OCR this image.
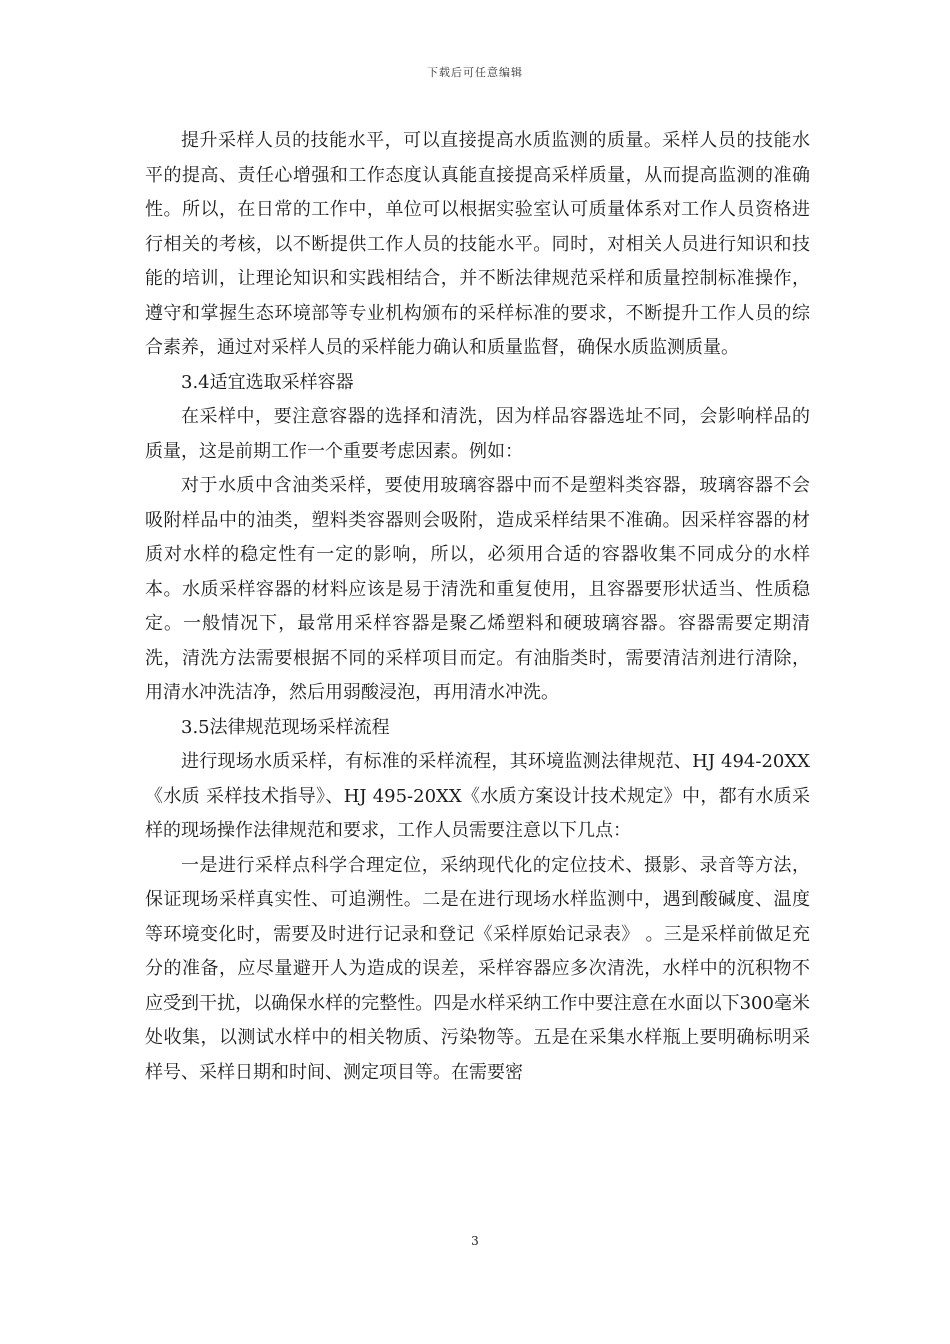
下载后可任意编辑

提升采样人员的技能水平，可以直接提高水质监测的质量。采样人员的技能水平的提高、责任心增强和工作态度认真能直接提高采样质量，从而提高监测的准确性。所以，在日常的工作中，单位可以根据实验室认可质量体系对工作人员资格进行相关的考核，以不断提供工作人员的技能水平。同时，对相关人员进行知识和技能的培训，让理论知识和实践相结合，并不断法律规范采样和质量控制标准操作，遵守和掌握生态环境部等专业机构颁布的采样标准的要求，不断提升工作人员的综合素养，通过对采样人员的采样能力确认和质量监督，确保水质监测质量。

3.4适宜选取采样容器

在采样中，要注意容器的选择和清洗，因为样品容器选址不同，会影响样品的质量，这是前期工作一个重要考虑因素。例如：

对于水质中含油类采样，要使用玻璃容器中而不是塑料类容器，玻璃容器不会吸附样品中的油类，塑料类容器则会吸附，造成采样结果不准确。因采样容器的材质对水样的稳定性有一定的影响，所以，必须用合适的容器收集不同成分的水样本。水质采样容器的材料应该是易于清洗和重复使用，且容器要形状适当、性质稳定。一般情况下，最常用采样容器是聚乙烯塑料和硬玻璃容器。容器需要定期清洗，清洗方法需要根据不同的采样项目而定。有油脂类时，需要清洁剂进行清除，用清水冲洗洁净，然后用弱酸浸泡，再用清水冲洗。

3.5法律规范现场采样流程

进行现场水质采样，有标准的采样流程，其环境监测法律规范、HJ 494-20XX《水质 采样技术指导》、HJ 495-20XX《水质方案设计技术规定》中，都有水质采样的现场操作法律规范和要求，工作人员需要注意以下几点：

一是进行采样点科学合理定位，采纳现代化的定位技术、摄影、录音等方法，保证现场采样真实性、可追溯性。二是在进行现场水样监测中，遇到酸碱度、温度等环境变化时，需要及时进行记录和登记《采样原始记录表》 。三是采样前做足充分的准备，应尽量避开人为造成的误差，采样容器应多次清洗，水样中的沉积物不应受到干扰，以确保水样的完整性。四是水样采纳工作中要注意在水面以下300毫米处收集，以测试水样中的相关物质、污染物等。五是在采集水样瓶上要明确标明采样号、采样日期和时间、测定项目等。在需要密

3
